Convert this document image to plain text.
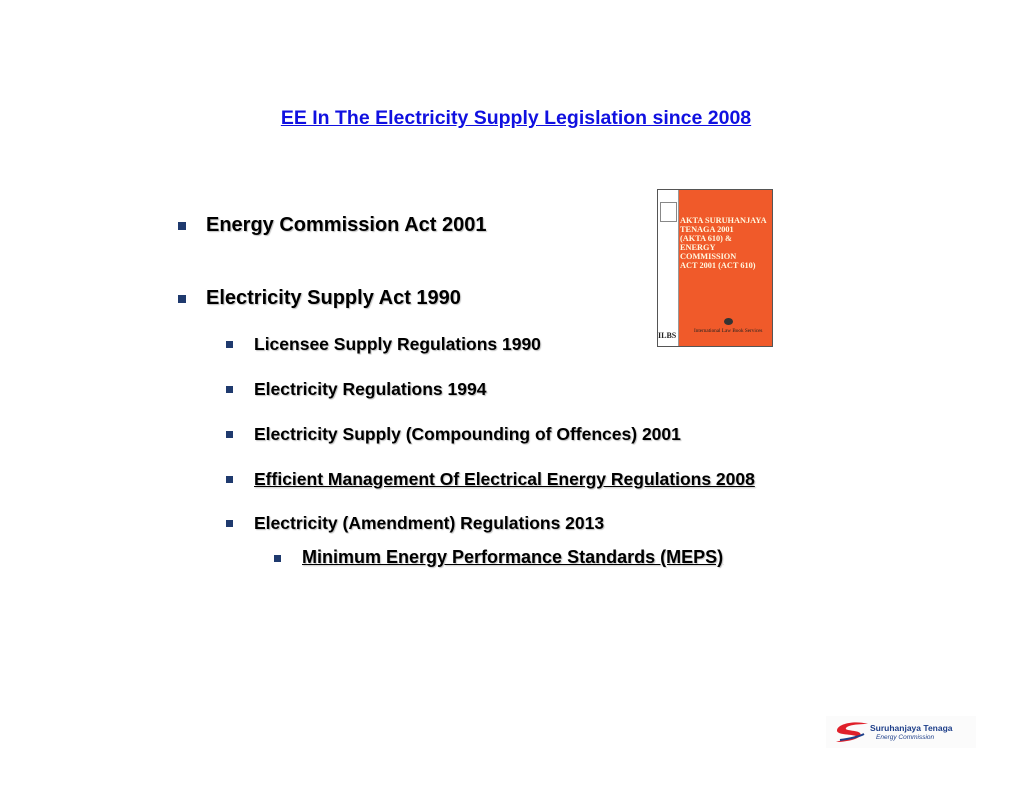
EE In The Electricity Supply Legislation since 2008
Energy Commission Act 2001
Electricity Supply Act 1990
Licensee Supply Regulations 1990
Electricity Regulations 1994
Electricity Supply (Compounding of Offences) 2001
Efficient Management Of Electrical Energy Regulations 2008
Electricity (Amendment) Regulations 2013
Minimum Energy Performance Standards (MEPS)
AKTA SURUHANJAYA
TENAGA 2001
(AKTA 610) &
ENERGY COMMISSION
ACT 2001 (ACT 610)
International Law Book Services
ILBS
Suruhanjaya Tenaga
Energy Commission
